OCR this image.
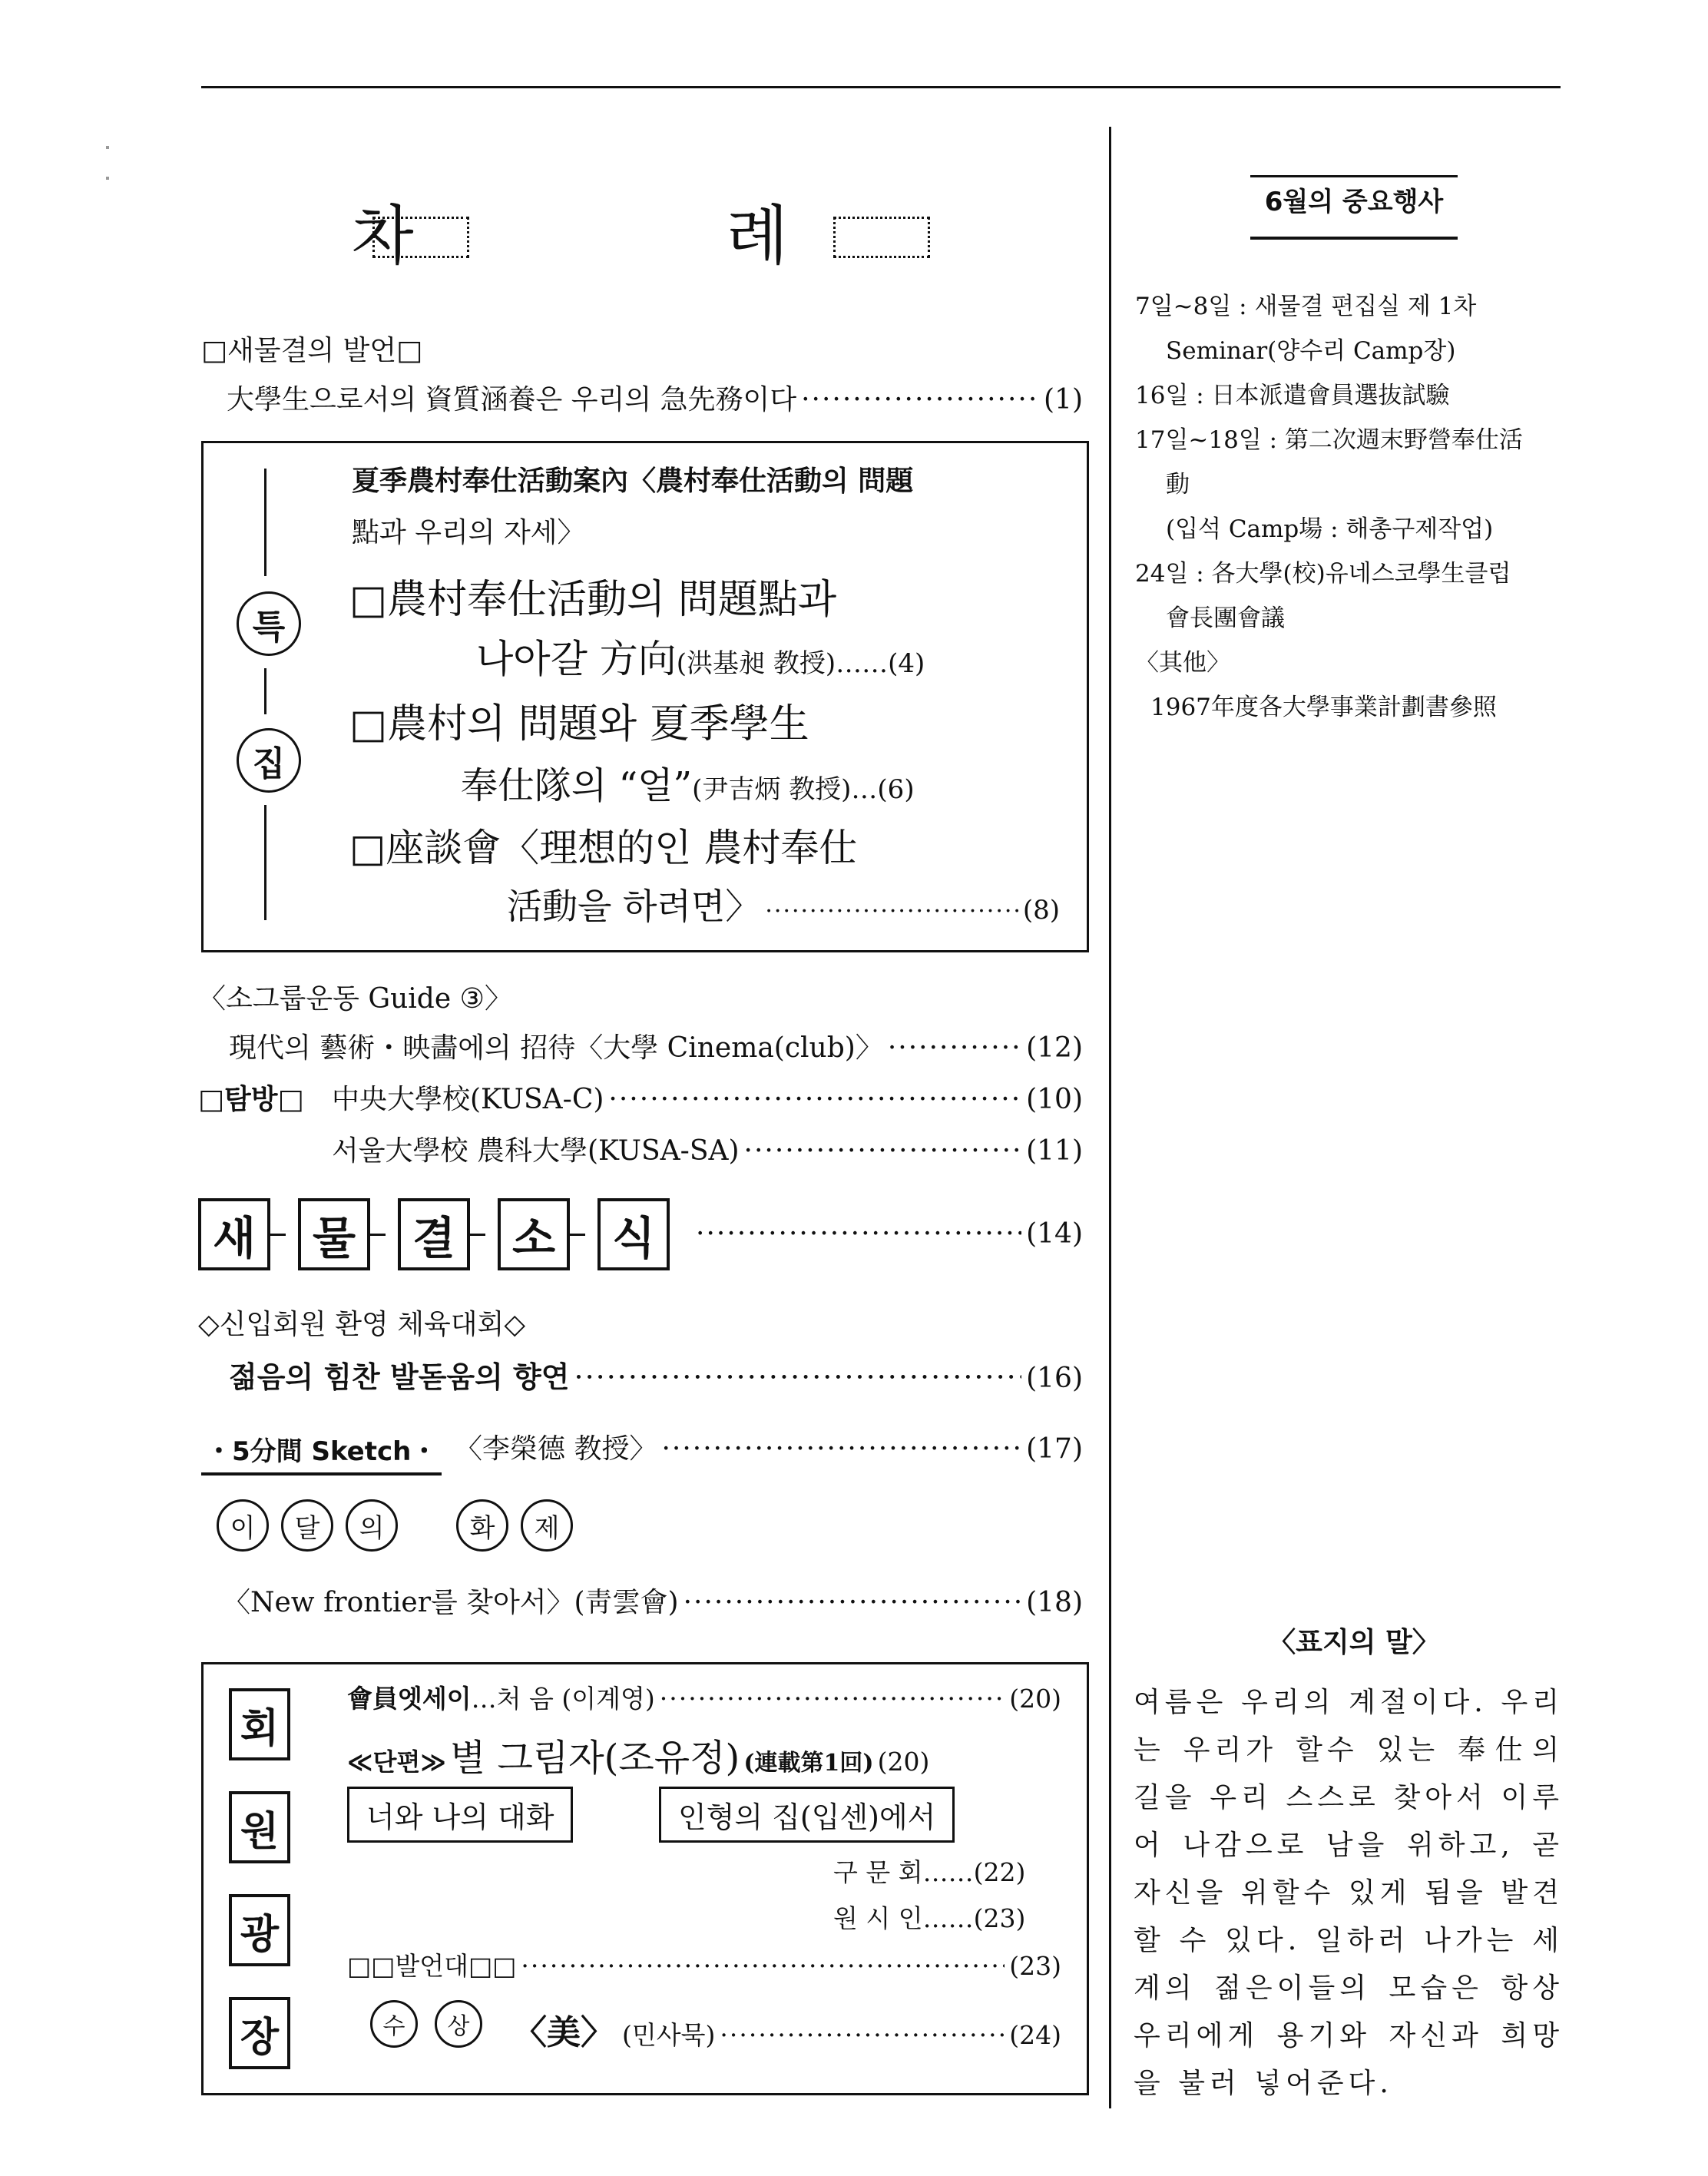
차 례
□새물결의 발언□
大學生으로서의 資質涵養은 우리의 急先務이다 ·····	(1)
특
집
夏季農村奉仕活動案內〈農村奉仕活動의 問題
點과 우리의 자세〉
□農村奉仕活動의 問題點과
나아갈 方向(洪基昶 教授)……(4)
□農村의 問題와 夏季學生
奉仕隊의 “얼”(尹吉炳 教授)…(6)
□座談會〈理想的인 農村奉仕
活動을 하려면〉 ·····	(8)
〈소그룹운동 Guide ③〉
現代의 藝術・映畵에의 招待〈大學 Cinema(club)〉 ·····	(12)
□탐방□ 中央大學校(KUSA-C) ·····	(10)
서울大學校 農科大學(KUSA-SA) ·····	(11)
새	물	결	소	식 ·····	(14)
◇신입회원 환영 체육대회◇
젊음의 힘찬 발돋움의 향연 ·····	(16)
・5分間 Sketch・ 〈李榮德 教授〉 ·····	(17)
이	달	의	화	제
〈New frontier를 찾아서〉(靑雲會) ·····	(18)
회
원
광
장
會員엣세이 …처 음 (이계영) ·····	(20)
≪단편≫ 별 그림자(조유정) (連載第1回) (20)
너와 나의 대화	인형의 집(입센)에서
구 문 회……(22)
원 시 인……(23)
□□발언대□□ ·····	(23)
수	상	〈美〉 (민사묵) ·····	(24)
6월의 중요행사
7일~8일 : 새물결 편집실 제 1차
Seminar(양수리 Camp장)
16일 : 日本派遣會員選抜試驗
17일~18일 : 第二次週末野營奉仕活
動
(입석 Camp場 : 해총구제작업)
24일 : 各大學(校)유네스코學生클럽
會長團會議
〈其他〉
1967年度各大學事業計劃書參照
〈표지의 말〉
여름은 우리의 계절이다. 우리는 우리가 할수 있는 奉仕의 길을 우리 스스로 찾아서 이루어 나감으로 남을 위하고, 곧 자신을 위할수 있게 됨을 발견할 수 있다. 일하러 나가는 세계의 젊은이들의 모습은 항상 우리에게 용기와 자신과 희망을 불러 넣어준다.
